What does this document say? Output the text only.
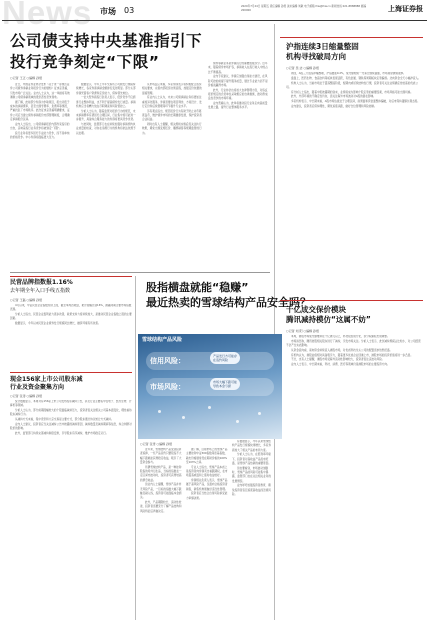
News 市场 03	2020年7月24日 星期五 责任编辑 孙煜 美术编辑 刘敏 电子邮箱 lhw@lhw.cn 新闻热线 021-8888888 邮编 200000	上海证券报
公司债支持中央基准指引下
投行竞争刻定“下限”
○记者 王正 ○编辑 孙煜

近日，中国证券业协会发布《关于进一步规范证券公司债券承销业务报价行为的通知》征求意见稿，引发市场广泛关注。业内人士认为，这一举措将有效遏制公司债承销领域的低价恶性竞争现象。

据了解，此前部分券商为争取项目，报出远低于成本的承销费率，甚至出现零费率、负费率等情况，严重扰乱了市场秩序。此次征求意见稿明确要求，证券公司应当建立债券承销报价内部管理制度，合理确定承销报价区间。

业内人士指出，公司债承销报价内部约束指引的出台，意味着投行业务竞争将被划定“下限”。

投行业务将更多回归专业能力竞争，而不是单纯的价格竞争。中小券商将面临更大压力。

数据显示，今年上半年交易所公司债发行规模持续增长，各家券商承销金额排名变化明显。部分头部券商凭借客户资源和定价能力，保持领先地位。

一位大型券商投行负责人表示，低价竞争不仅损害行业整体利益，也不利于提高债券发行质量。承销机构应当将精力放在尽职调查和风险管控上。

分析人士认为，随着监管对报价行为的规范，未来承销费率有望回归合理区间，行业集中度可能进一步提升，具备综合服务能力的券商将更具竞争优势。

与此同时，监管部门也在持续加强对承销机构执业质量的检查，对存在违规行为的机构将依法依规予以处理。

从市场反应来看，多家券商表示将积极配合落实相关要求，完善内部报价决策流程，加强定价依据的留痕管理。

有业内人士认为，未来公司债承销业务将更加注重差异化服务，券商需要在项目筛选、方案设计、发行定价和后续管理等环节提升专业水平。

另有观点指出，规范报价行为有助于防止劣币驱逐良币，维护债券市场的长期健康发展，保护投资者合法权益。

同时也有人士提醒，相关规则实施后需关注执行效果，避免出现变相压价、捆绑销售等规避监管的行为。

债券承销业务是券商投行的重要组成部分。近年来，随着债券市场扩容，承销收入在投行收入中的占比不断提高。

业内专家建议，券商应加强自身能力建设，在风险可控的前提下提升服务质量，通过专业能力而不是价格战赢得市场。

此外，行业协会也将加大自律管理力度，对违反报价规定的会员单位采取相应的自律措施，推动形成良性竞争的市场环境。

业内普遍认为，此举将推动投行业务走向高质量发展之路，提升行业整体服务水平。

民营品牌指数报1.16%
去年期全年入口手线五指数
○记者 王磊 ○编辑 孙煜

4月以来，中证民营企业指数连续上涨，截至本周四收盘，累计涨幅达到16%，跑赢同期主要市场指数表现。

分析人士指出，民营企业盈利能力逐步改善，政策支持力度持续加大，是推动民营企业指数上涨的主要因素。

数据显示，今年以来民营企业债券发行规模同比增长，融资环境有所改善。

现金156家上市公司股东减
行业及资金聚集方向
○记者 张涛 ○编辑 孙煜

统计数据显示，本周共有156家上市公司发布股东减持公告，涉及行业主要集中在电子、医药生物、计算机等领域。

分析人士认为，部分前期涨幅较大的个股面临减持压力，投资者需关注相关公司基本面变化，理性看待股东减持行为。

从减持方式来看，集中竞价和大宗交易是主要方式，部分股东通过协议转让方式减持。

业内人士建议，投资者应当关注减持公告中披露的减持原因、减持数量及减持期间等信息，综合判断对股价的影响。

此外，监管部门持续完善减持制度安排，引导股东有序减持，维护市场稳定运行。

股指横盘就能“稳赚”
最近热卖的雪球结构产品安全吗？
雪球结构产品风险
信用风险：
市场风险：
产品发行方可能存在违约风险
市场大幅下跌可能导致本金亏损
○记者 张雪 ○编辑 孙煜

近年来，雪球结构产品受到投资者追捧，一些产品宣传只要股指不大幅下跌就能获得稳定收益，吸引了大量资金参与。

所谓雪球结构产品，是一种挂钩股指的场外衍生品，当标的指数在一定区间内波动时，投资者可获得较高的票息收益。

但业内人士提醒，雪球产品并非无风险产品，一旦标的指数大幅下跌触及敲入线，投资者可能面临本金损失。

此外，产品期限较长、流动性较差，投资者需要充分了解产品结构和风险特征后再做决定。

据了解，目前市场上的雪球产品主要挂钩中证500指数等宽基指数，敲出价格通常设在期初价格的100%至103%之间。

专业人士指出，雪球产品本质上是投资者向券商卖出看跌期权，在市场震荡或温和上涨时收益较好。

券商相关负责人表示，雪球产品属于高风险产品，仅面向合格投资者销售，销售机构须做好适当性管理。

投资者应当结合自身风险承受能力审慎决策。

有数据显示，今年以来雪球结构产品发行规模快速增长，多家券商加大了相关产品的布局力度。

分析人士认为，在低利率环境下，投资者对高收益产品需求旺盛，是雪球产品热销的重要原因。

但也要看到，市场波动加剧时，雪球产品的风险可能集中暴露，监管部门也在关注相关业务的发展情况。

业内呼吁加强投资者教育，避免投资者盲目追逐高收益而忽视风险。

沪指连续3日缩量整固
机构寻找破局方向
○记者 吴 洁 ○编辑 孙煜

周四，A股三大股指窄幅整理，沪指微涨0.2%，成交额较前一交易日继续萎缩，市场观望情绪浓厚。

盘面上，医药生物、食品饮料等板块表现活跃，有色金属、钢铁等周期板块走势偏弱。北向资金全天小幅净流入。

机构人士认为，当前市场处于震荡整固阶段，短期内或延续结构性行情，投资者可关注业绩确定性较高的优质公司。

有分析人士指出，随着中报披露期的到来，业绩将成为影响个股走势的重要因素，市场风格可能出现切换。

此外，外部环境的不确定性仍存，需关注海外市场波动对A股的潜在影响。

多家机构表示，中长期来看，A股市场估值处于合理区间，政策面和资金面整体偏暖，对后市保持谨慎乐观态度。

业内建议，投资者应保持理性，避免追涨杀跌，做好仓位管理和风险控制。

千亿成交保价模块
腾讯减持模仿“这属不妨”
○记者 刘 阳 ○编辑 孙煜

本周，港股市场成交额维持在千亿港元以上，科技股表现分化，部分权重股出现调整。

市场消息称，腾讯控股相关股东进行了减持，引发市场关注。分析人士表示，此次减持规模占比较小，对公司经营不会产生实质影响。

从资金流向看，南向资金持续流入港股市场，对优质科技龙头公司的配置需求依然旺盛。

有机构认为，港股估值相对具备吸引力，随着更多优质企业回港上市，港股市场的投资价值将进一步凸显。

不过，也有人士提醒，港股市场受海外流动性影响较大，投资者需注意波动风险。

业内人士表示，中长期来看，科技、消费、医疗等领域仍是港股市场的主要投资方向。
